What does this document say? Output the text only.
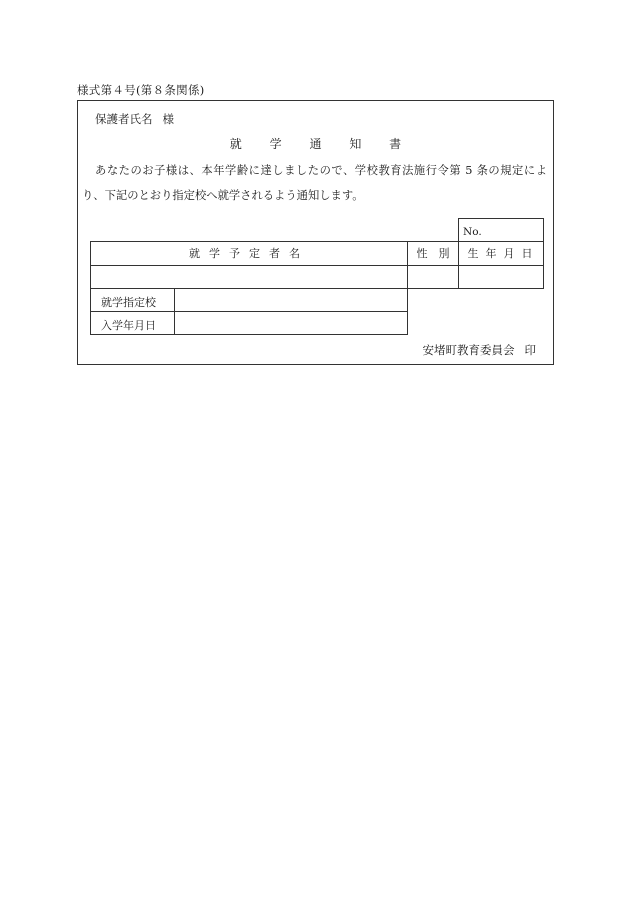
様式第４号(第８条関係)
保護者氏名 様
就 学 通 知 書
あなたのお子様は、本年学齢に達しましたので、学校教育法施行令第 5 条の規定により、下記のとおり指定校へ就学されるよう通知します。
No.
就学予定者名	性　別	生年月日
就学指定校
入学年月日
安堵町教育委員会 印
